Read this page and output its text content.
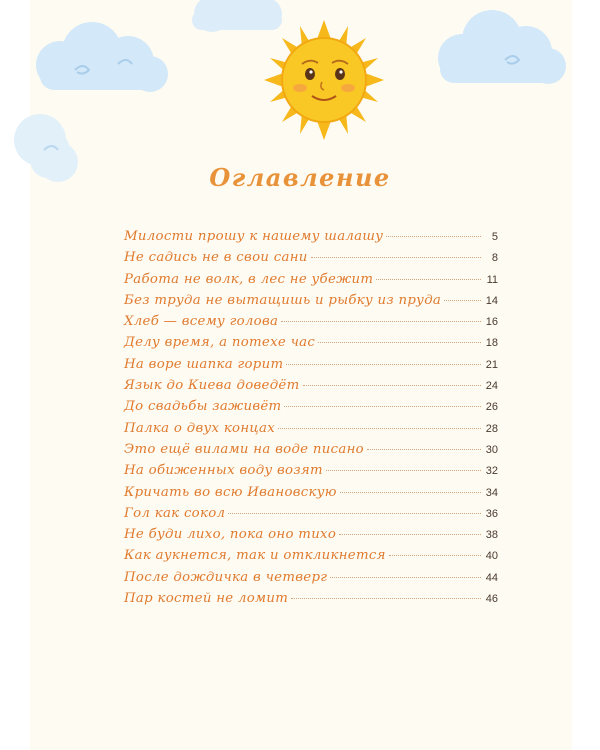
Оглавление
Милости прошу к нашему шалашу	5
Не садись не в свои сани	8
Работа не волк, в лес не убежит	11
Без труда не вытащишь и рыбку из пруда	14
Хлеб — всему голова	16
Делу время, а потехе час	18
На воре шапка горит	21
Язык до Киева доведёт	24
До свадьбы заживёт	26
Палка о двух концах	28
Это ещё вилами на воде писано	30
На обиженных воду возят	32
Кричать во всю Ивановскую	34
Гол как сокол	36
Не буди лихо, пока оно тихо	38
Как аукнется, так и откликнется	40
После дождичка в четверг	44
Пар костей не ломит	46
